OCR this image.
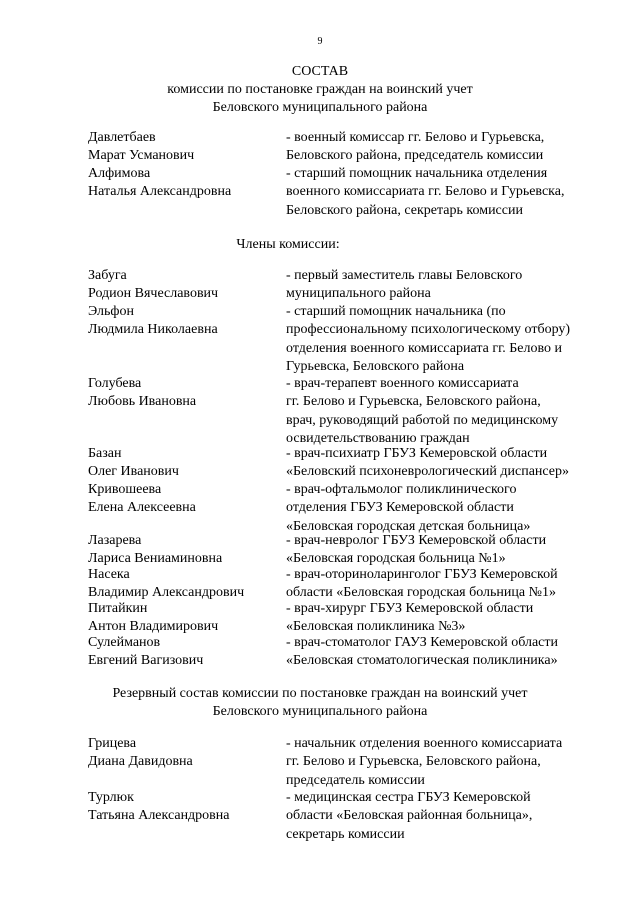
9
СОСТАВ
комиссии по постановке граждан на воинский учет
Беловского муниципального района
Давлетбаев
Марат Усманович
- военный комиссар гг. Белово и Гурьевска,
Беловского района, председатель комиссии
Алфимова
Наталья Александровна
- старший помощник начальника отделения
военного комиссариата гг. Белово и Гурьевска,
Беловского района, секретарь комиссии
Члены комиссии:
Забуга
Родион Вячеславович
- первый заместитель главы Беловского
муниципального района
Эльфон
Людмила Николаевна
- старший помощник начальника (по
профессиональному психологическому отбору)
отделения военного комиссариата гг. Белово и
Гурьевска, Беловского района
Голубева
Любовь Ивановна
- врач-терапевт военного комиссариата
гг. Белово и Гурьевска, Беловского района,
врач, руководящий работой по медицинскому
освидетельствованию граждан
Базан
Олег Иванович
- врач-психиатр ГБУЗ Кемеровской области
«Беловский психоневрологический диспансер»
Кривошеева
Елена Алексеевна
- врач-офтальмолог поликлинического
отделения ГБУЗ Кемеровской области
«Беловская городская детская больница»
Лазарева
Лариса Вениаминовна
- врач-невролог ГБУЗ Кемеровской области
«Беловская городская больница №1»
Насека
Владимир Александрович
- врач-оториноларинголог ГБУЗ Кемеровской
области «Беловская городская больница №1»
Питайкин
Антон Владимирович
- врач-хирург ГБУЗ Кемеровской области
«Беловская поликлиника №3»
Сулейманов
Евгений Вагизович
- врач-стоматолог ГАУЗ Кемеровской области
«Беловская стоматологическая поликлиника»
Резервный состав комиссии по постановке граждан на воинский учет
Беловского муниципального района
Грицева
Диана Давидовна
- начальник отделения военного комиссариата
гг. Белово и Гурьевска, Беловского района,
председатель комиссии
Турлюк
Татьяна Александровна
- медицинская сестра ГБУЗ Кемеровской
области «Беловская районная больница»,
секретарь комиссии
